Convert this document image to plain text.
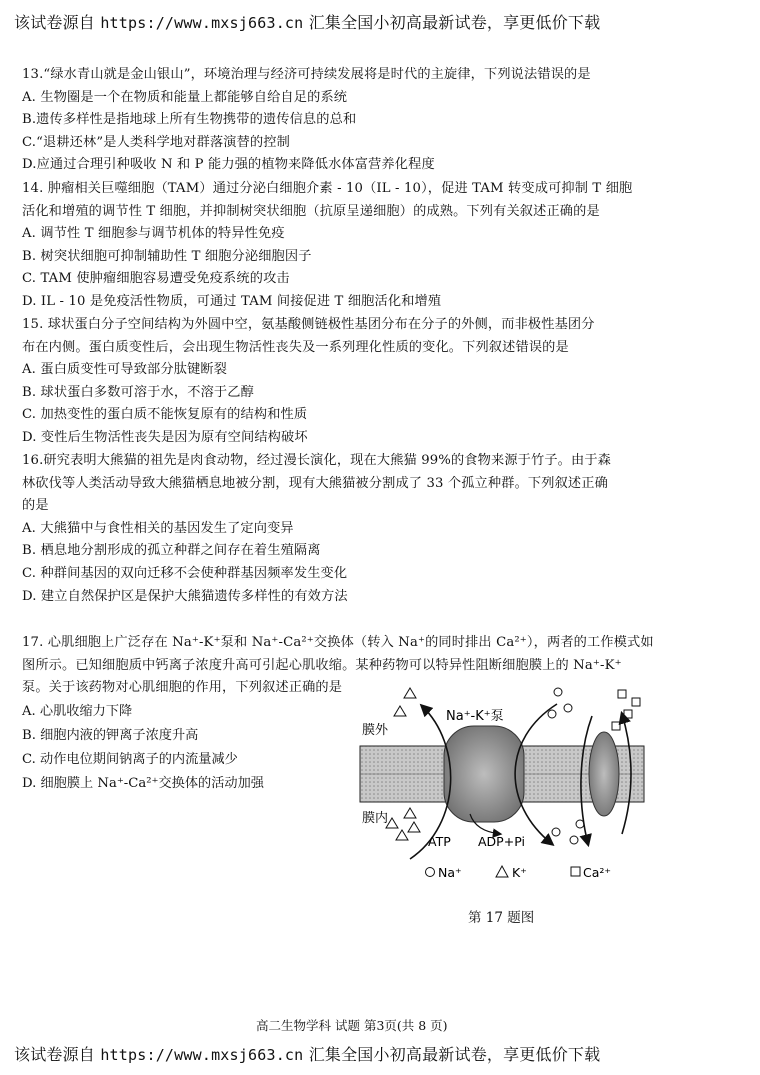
该试卷源自 https://www.mxsj663.cn 汇集全国小初高最新试卷，享更低价下载
13.“绿水青山就是金山银山”，环境治理与经济可持续发展将是时代的主旋律，下列说法错误的是
A. 生物圈是一个在物质和能量上都能够自给自足的系统
B.遗传多样性是指地球上所有生物携带的遗传信息的总和
C.“退耕还林”是人类科学地对群落演替的控制
D.应通过合理引种吸收 N 和 P 能力强的植物来降低水体富营养化程度
14. 肿瘤相关巨噬细胞（TAM）通过分泌白细胞介素 - 10（IL - 10），促进 TAM 转变成可抑制 T 细胞
活化和增殖的调节性 T 细胞，并抑制树突状细胞（抗原呈递细胞）的成熟。下列有关叙述正确的是
A. 调节性 T 细胞参与调节机体的特异性免疫
B. 树突状细胞可抑制辅助性 T 细胞分泌细胞因子
C. TAM 使肿瘤细胞容易遭受免疫系统的攻击
D. IL - 10 是免疫活性物质，可通过 TAM 间接促进 T 细胞活化和增殖
15. 球状蛋白分子空间结构为外圆中空，氨基酸侧链极性基团分布在分子的外侧，而非极性基团分
布在内侧。蛋白质变性后，会出现生物活性丧失及一系列理化性质的变化。下列叙述错误的是
A. 蛋白质变性可导致部分肽键断裂
B. 球状蛋白多数可溶于水，不溶于乙醇
C. 加热变性的蛋白质不能恢复原有的结构和性质
D. 变性后生物活性丧失是因为原有空间结构破坏
16.研究表明大熊猫的祖先是肉食动物，经过漫长演化，现在大熊猫 99%的食物来源于竹子。由于森
林砍伐等人类活动导致大熊猫栖息地被分割，现有大熊猫被分割成了 33 个孤立种群。下列叙述正确
的是
A. 大熊猫中与食性相关的基因发生了定向变异
B. 栖息地分割形成的孤立种群之间存在着生殖隔离
C. 种群间基因的双向迁移不会使种群基因频率发生变化
D. 建立自然保护区是保护大熊猫遗传多样性的有效方法
17. 心肌细胞上广泛存在 Na⁺-K⁺泵和 Na⁺-Ca²⁺交换体（转入 Na⁺的同时排出 Ca²⁺），两者的工作模式如
图所示。已知细胞质中钙离子浓度升高可引起心肌收缩。某种药物可以特异性阻断细胞膜上的 Na⁺-K⁺
泵。关于该药物对心肌细胞的作用，下列叙述正确的是
A. 心肌收缩力下降
B. 细胞内液的钾离子浓度升高
C. 动作电位期间钠离子的内流量减少
D. 细胞膜上 Na⁺-Ca²⁺交换体的活动加强
膜外
膜内
Na⁺-K⁺泵
ATP ADP+Pi
Na⁺	K⁺	Ca²⁺
第 17 题图
高二生物学科 试题 第3页(共 8 页)
该试卷源自 https://www.mxsj663.cn 汇集全国小初高最新试卷，享更低价下载
